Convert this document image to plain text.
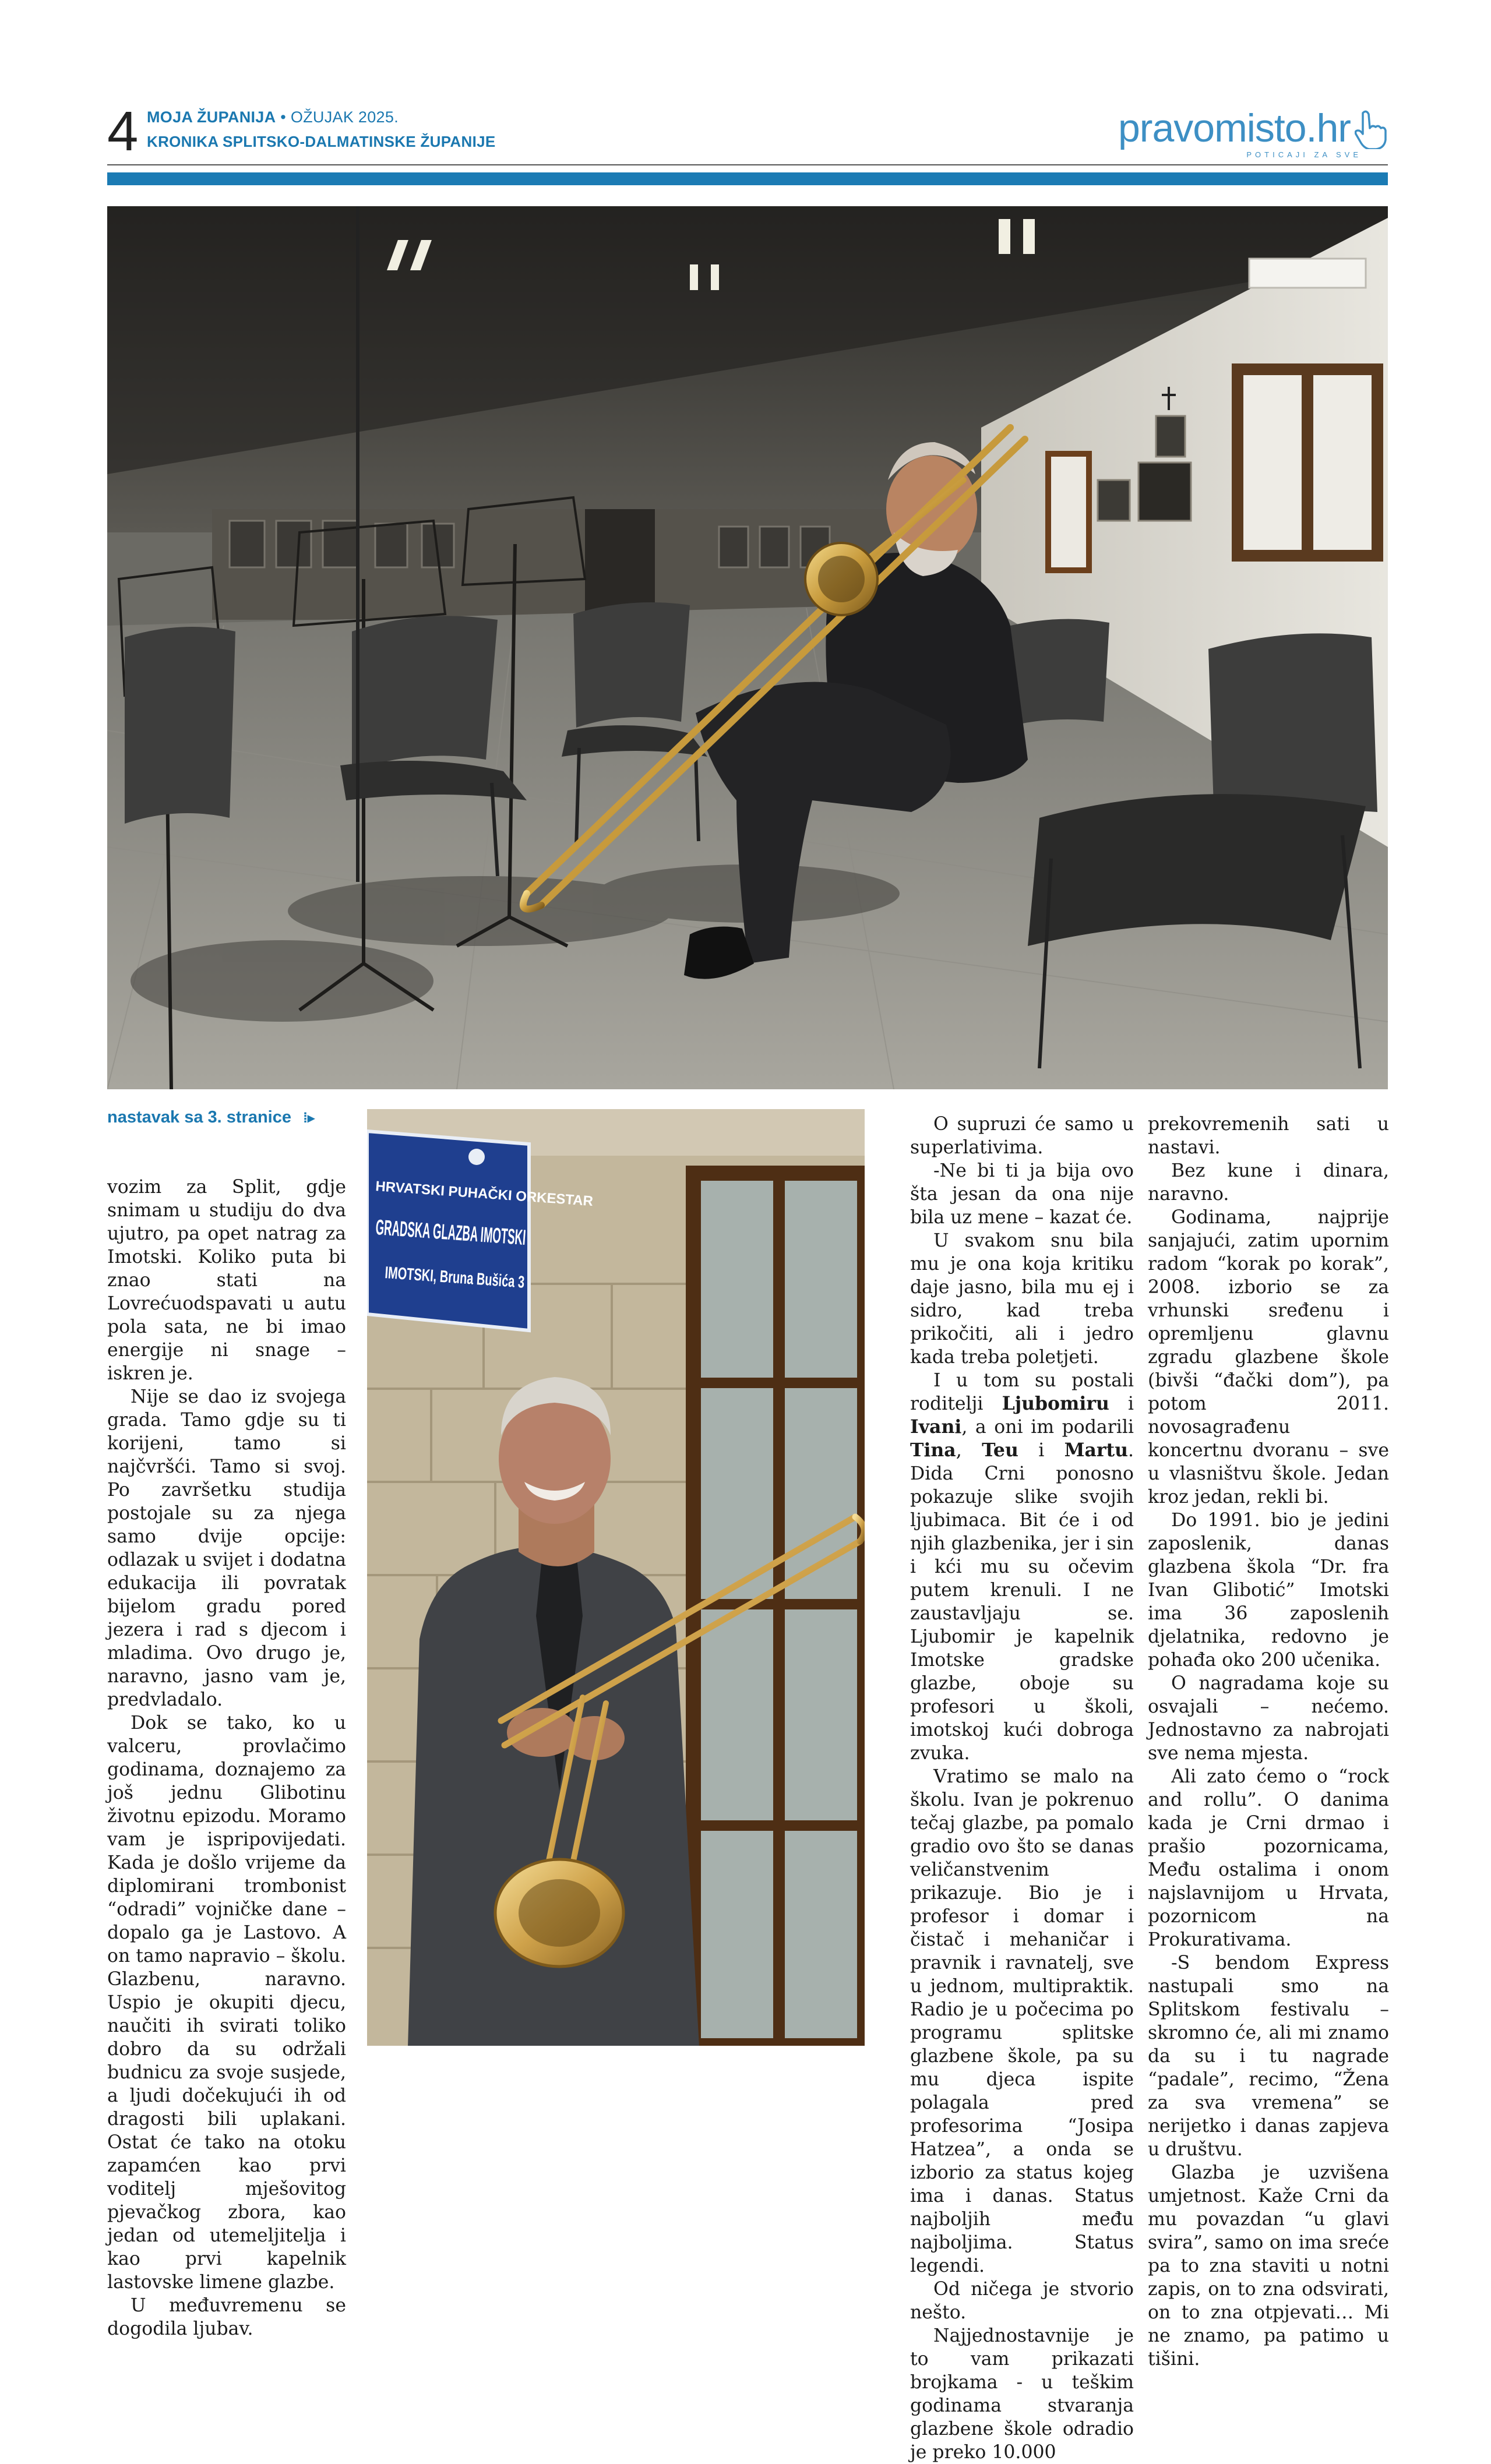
4 MOJA ŽUPANIJA • OŽUJAK 2025.
KRONIKA SPLITSKO-DALMATINSKE ŽUPANIJE	pravomisto.hr
POTICAJI ZA SVE
HRVATSKI PUHAČKI ORKESTAR
GRADSKA GLAZBA IMOTSKI
IMOTSKI, Bruna Bušića 3
nastavak sa 3. stranice ⁞▸

vozim za Split, gdje snimam u studiju do dva ujutro, pa opet natrag za Imotski. Koliko puta bi znao stati na Lovrećuodspavati u autu pola sata, ne bi imao energije ni snage – iskren je.

Nije se dao iz svojega grada. Tamo gdje su ti korijeni, tamo si najčvršći. Tamo si svoj. Po završetku studija postojale su za njega samo dvije opcije: odlazak u svijet i dodatna edukacija ili povratak bijelom gradu pored jezera i rad s djecom i mladima. Ovo drugo je, naravno, jasno vam je, predvladalo.

Dok se tako, ko u valceru, provlačimo godinama, doznajemo za još jednu Glibotinu životnu epizodu. Moramo vam je ispripovijedati. Kada je došlo vrijeme da diplomirani trombonist “odradi” vojničke dane – dopalo ga je Lastovo. A on tamo napravio – školu. Glazbenu, naravno. Uspio je okupiti djecu, naučiti ih svirati toliko dobro da su održali budnicu za svoje susjede, a ljudi dočekujući ih od dragosti bili uplakani. Ostat će tako na otoku zapamćen kao prvi voditelj mješovitog pjevačkog zbora, kao jedan od utemeljitelja i kao prvi kapelnik lastovske limene glazbe.

U međuvremenu se dogodila ljubav.

O supruzi će samo u superlativima.

-Ne bi ti ja bija ovo šta jesan da ona nije bila uz mene – kazat će.

U svakom snu bila mu je ona koja kritiku daje jasno, bila mu ej i sidro, kad treba prikočiti, ali i jedro kada treba poletjeti.

I u tom su postali roditelji Ljubomiru i Ivani, a oni im podarili Tina, Teu i Martu. Dida Crni ponosno pokazuje slike svojih ljubimaca. Bit će i od njih glazbenika, jer i sin i kći mu su očevim putem krenuli. I ne zaustavljaju se. Ljubomir je kapelnik Imotske gradske glazbe, oboje su profesori u školi, imotskoj kući dobroga zvuka.

Vratimo se malo na školu. Ivan je pokrenuo tečaj glazbe, pa pomalo gradio ovo što se danas veličanstvenim prikazuje. Bio je i profesor i domar i čistač i mehaničar i pravnik i ravnatelj, sve u jednom, multipraktik. Radio je u počecima po programu splitske glazbene škole, pa su mu djeca ispite polagala pred profesorima “Josipa Hatzea”, a onda se izborio za status kojeg ima i danas. Status najboljih među najboljima. Status legendi.

Od ničega je stvorio nešto.

Najjednostavnije je to vam prikazati brojkama - u teškim godinama stvaranja glazbene škole odradio je preko 10.000

prekovremenih sati u nastavi.

Bez kune i dinara, naravno.

Godinama, najprije sanjajući, zatim upornim radom “korak po korak”, 2008. izborio se za vrhunski sređenu i opremljenu glavnu zgradu glazbene škole (bivši “đački dom”), pa potom 2011. novosagrađenu koncertnu dvoranu – sve u vlasništvu škole. Jedan kroz jedan, rekli bi.

Do 1991. bio je jedini zaposlenik, danas glazbena škola “Dr. fra Ivan Glibotić” Imotski ima 36 zaposlenih djelatnika, redovno je pohađa oko 200 učenika.

O nagradama koje su osvajali – nećemo. Jednostavno za nabrojati sve nema mjesta.

Ali zato ćemo o “rock and rollu”. O danima kada je Crni drmao i prašio pozornicama, Među ostalima i onom najslavnijom u Hrvata, pozornicom na Prokurativama.

-S bendom Express nastupali smo na Splitskom festivalu – skromno će, ali mi znamo da su i tu nagrade “padale”, recimo, “Žena za sva vremena” se nerijetko i danas zapjeva u društvu.

Glazba je uzvišena umjetnost. Kaže Crni da mu povazdan “u glavi svira”, samo on ima sreće pa to zna staviti u notni zapis, on to zna odsvirati, on to zna otpjevati… Mi ne znamo, pa patimo u tišini.
